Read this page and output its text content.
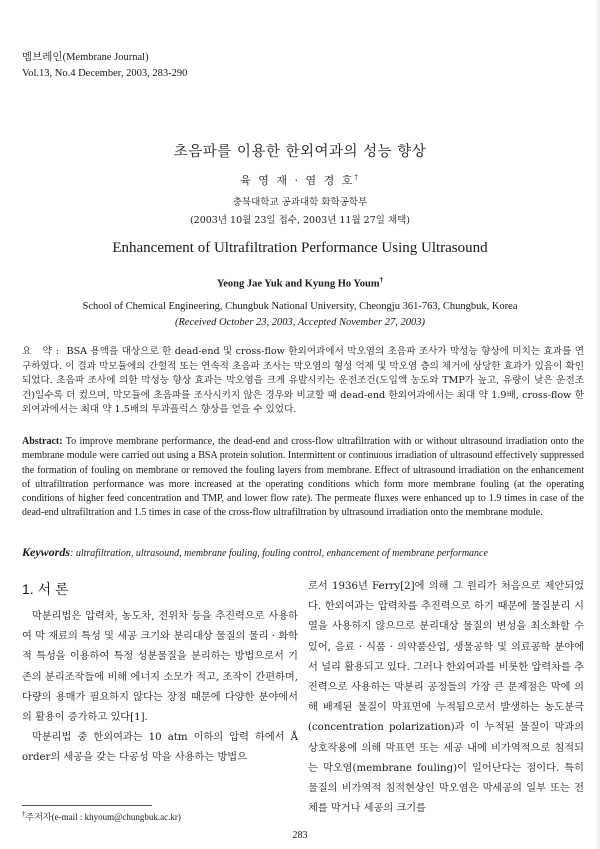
멤브레인(Membrane Journal)
Vol.13, No.4 December, 2003, 283-290
초음파를 이용한 한외여과의 성능 향상
육 영 재 · 염 경 호†
충북대학교 공과대학 화학공학부
(2003년 10월 23일 접수, 2003년 11월 27일 채택)
Enhancement of Ultrafiltration Performance Using Ultrasound
Yeong Jae Yuk and Kyung Ho Youm†
School of Chemical Engineering, Chungbuk National University, Cheongju 361-763, Chungbuk, Korea
(Received October 23, 2003, Accepted November 27, 2003)
요 약: BSA 용액을 대상으로 한 dead-end 및 cross-flow 한외여과에서 막오염의 초음파 조사가 막성능 향상에 미치는 효과를 연구하였다. 이 결과 막모듈에의 간헐적 또는 연속적 초음파 조사는 막오염의 형성 억제 및 막오염 층의 제거에 상당한 효과가 있음이 확인되었다. 초음파 조사에 의한 막성능 향상 효과는 막오염을 크게 유발시키는 운전조건(도입액 농도와 TMP가 높고, 유량이 낮은 운전조건)일수록 더 컸으며, 막모듈에 초음파를 조사시키지 않은 경우와 비교할 때 dead-end 한외여과에서는 최대 약 1.9배, cross-flow 한외여과에서는 최대 약 1.5배의 투과플럭스 향상을 얻을 수 있었다.
Abstract: To improve membrane performance, the dead-end and cross-flow ultrafiltration with or without ultrasound irradiation onto the membrane module were carried out using a BSA protein solution. Intermittent or continuous irradiation of ultrasound effectively suppressed the formation of fouling on membrane or removed the fouling layers from membrane. Effect of ultrasound irradiation on the enhancement of ultrafiltration performance was more increased at the operating conditions which form more membrane fouling (at the operating conditions of higher feed concentration and TMP, and lower flow rate). The permeate fluxes were enhanced up to 1.9 times in case of the dead-end ultrafiltration and 1.5 times in case of the cross-flow ultrafiltration by ultrasound irradiation onto the membrane module.
Keywords: ultrafiltration, ultrasound, membrane fouling, fouling control, enhancement of membrane performance
1. 서 론

막분리법은 압력차, 농도차, 전위차 등을 추진력으로 사용하여 막 재료의 특성 및 세공 크기와 분리대상 물질의 물리 · 화학적 특성을 이용하여 특정 성분물질을 분리하는 방법으로서 기존의 분리조작들에 비해 에너지 소모가 적고, 조작이 간편하며, 다량의 용매가 필요하지 않다는 장점 때문에 다양한 분야에서의 활용이 증가하고 있다[1].

막분리법 중 한외여과는 10 atm 이하의 압력 하에서 Å order의 세공을 갖는 다공성 막을 사용하는 방법으

로서 1936년 Ferry[2]에 의해 그 원리가 처음으로 제안되었다. 한외여과는 압력차를 추진력으로 하기 때문에 물질분리 시 열을 사용하지 않으므로 분리대상 물질의 변성을 최소화할 수 있어, 음료 · 식품 · 의약품산업, 생물공학 및 의료공학 분야에서 널리 활용되고 있다. 그러나 한외여과를 비롯한 압력차를 추진력으로 사용하는 막분리 공정들의 가장 큰 문제점은 막에 의해 배제된 물질이 막표면에 누적됨으로서 발생하는 농도분극(concentration polarization)과 이 누적된 물질이 막과의 상호작용에 의해 막표면 또는 세공 내에 비가역적으로 침적되는 막오염(membrane fouling)이 일어난다는 점이다. 특히 물질의 비가역적 침적현상인 막오염은 막세공의 일부 또는 전체를 막거나 세공의 크기를

†주저자(e-mail : khyoum@chungbuk.ac.kr)
283
